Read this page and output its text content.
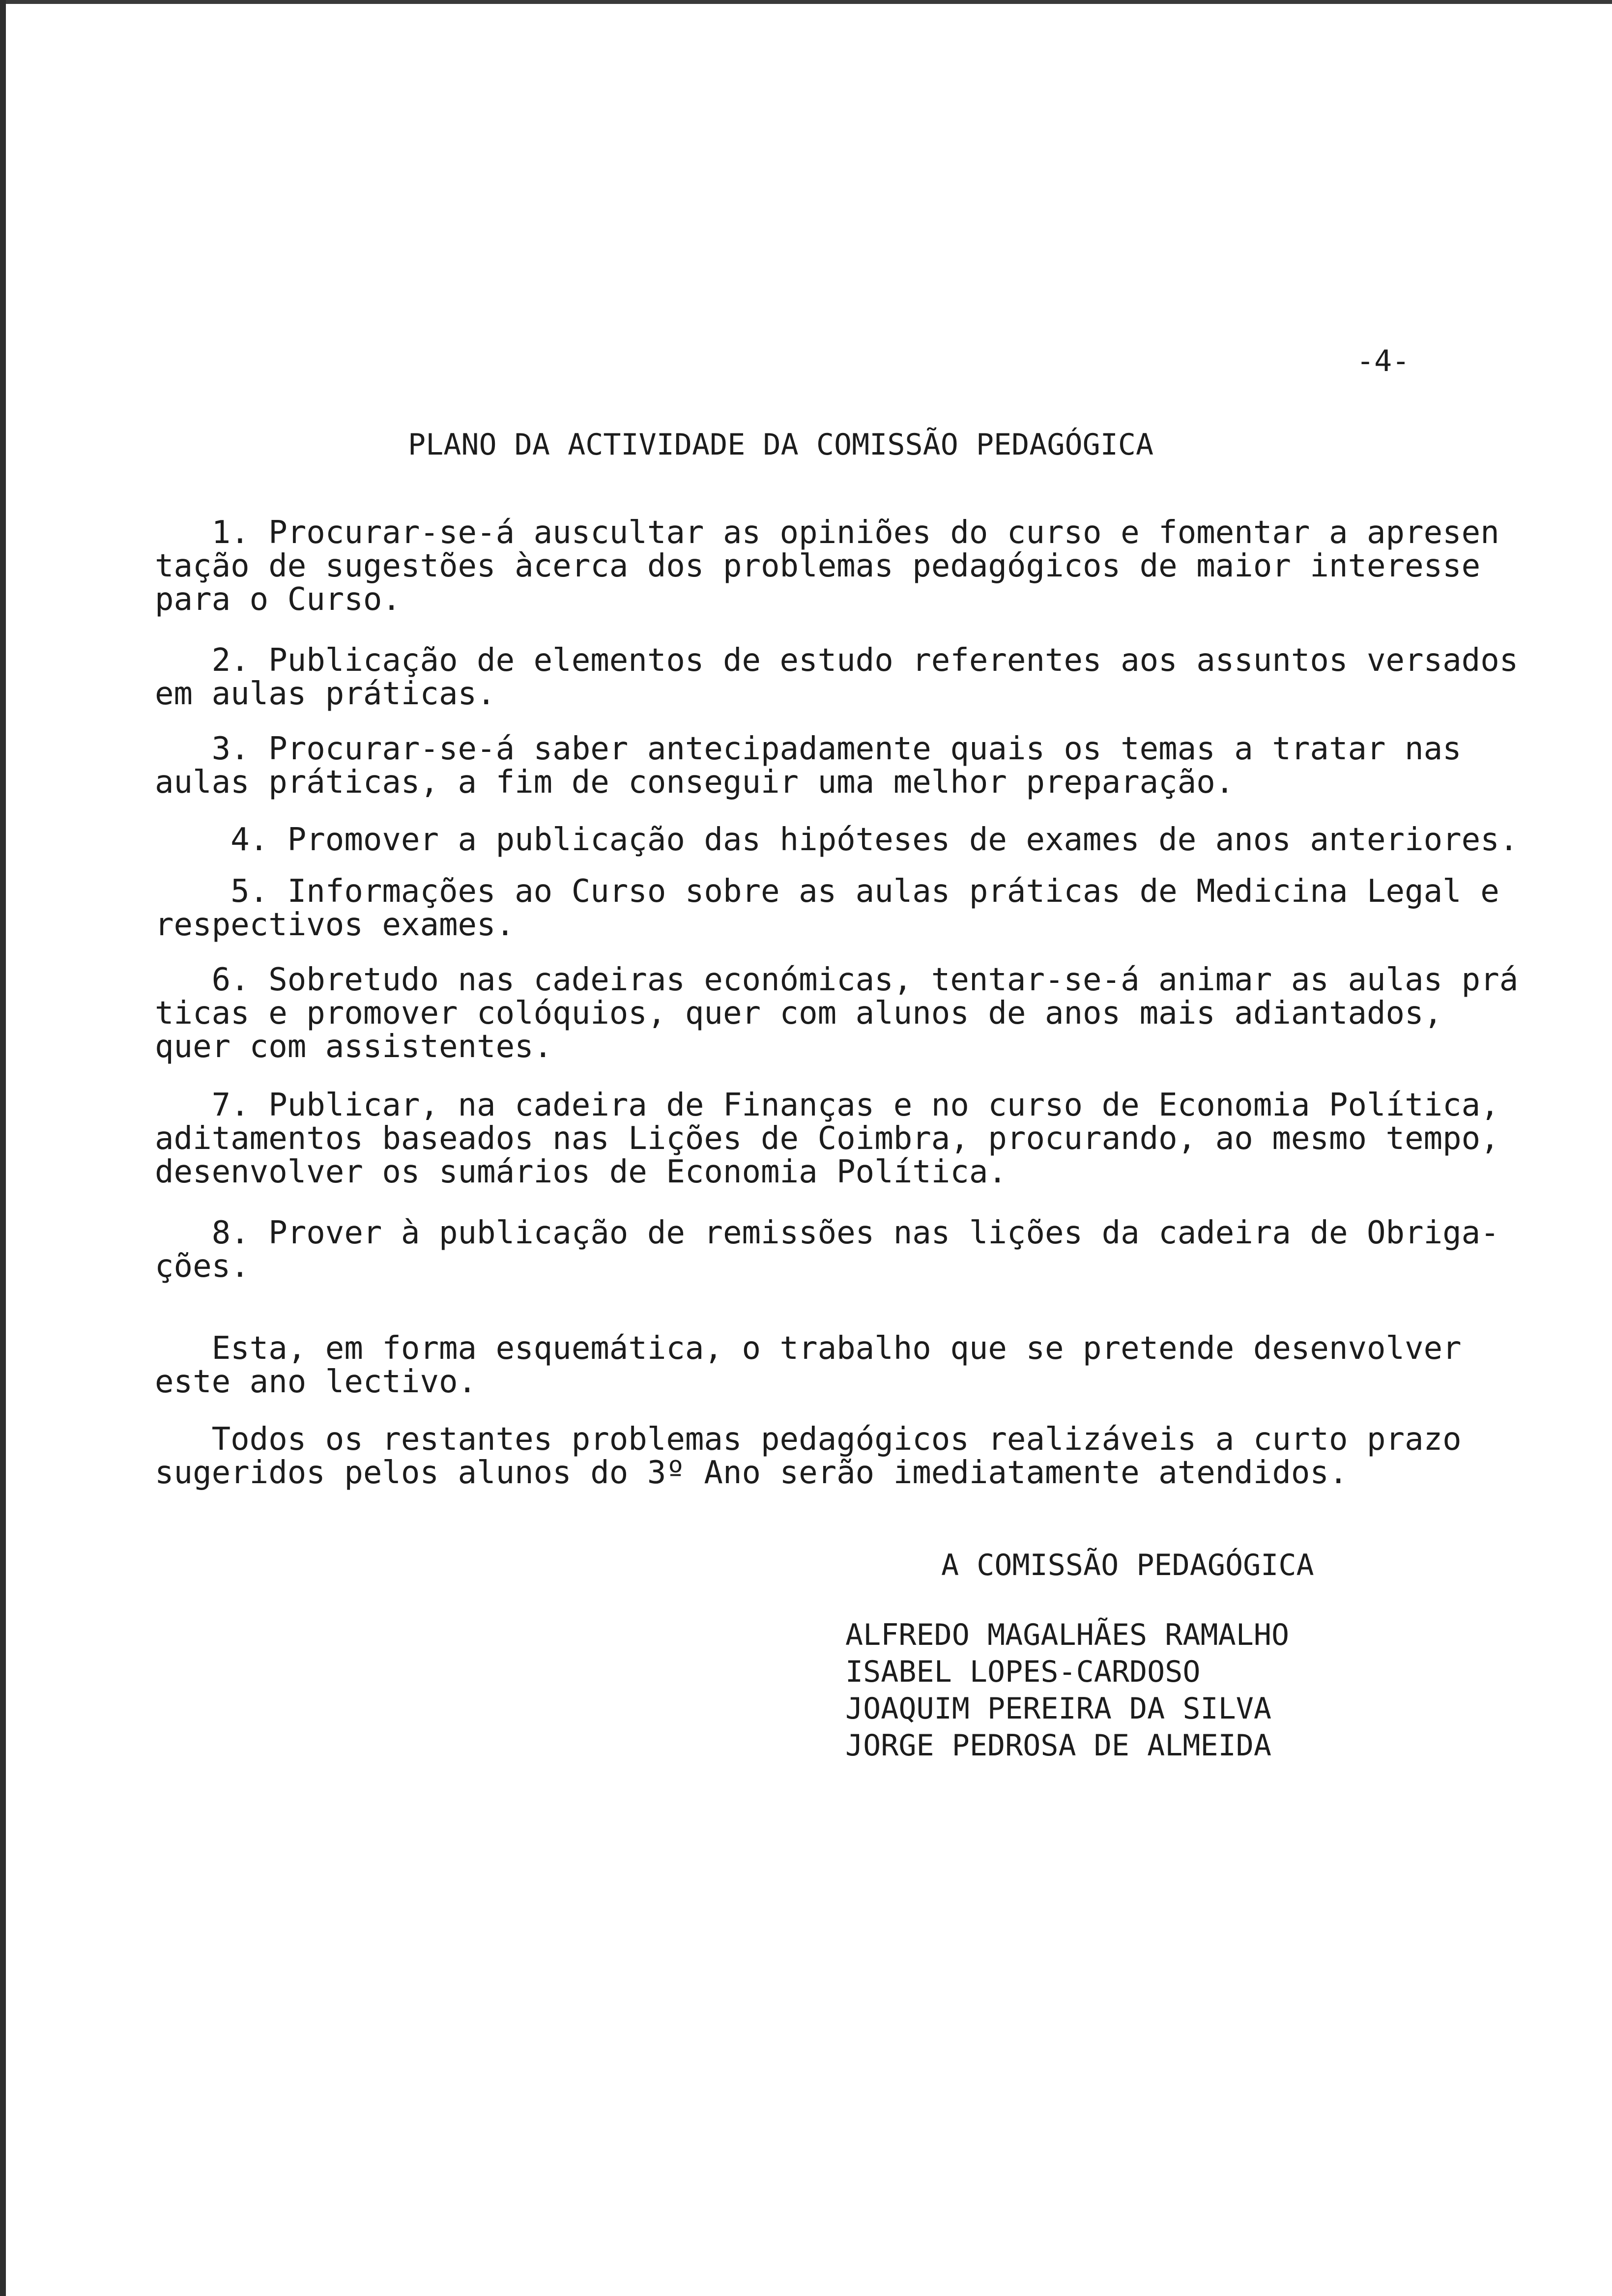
-4-
PLANO DA ACTIVIDADE DA COMISSÃO PEDAGÓGICA
1. Procurar-se-á auscultar as opiniões do curso e fomentar a apresen
tação de sugestões àcerca dos problemas pedagógicos de maior interesse
para o Curso.
2. Publicação de elementos de estudo referentes aos assuntos versados
em aulas práticas.
3. Procurar-se-á saber antecipadamente quais os temas a tratar nas
aulas práticas, a fim de conseguir uma melhor preparação.
4. Promover a publicação das hipóteses de exames de anos anteriores.
5. Informações ao Curso sobre as aulas práticas de Medicina Legal e
respectivos exames.
6. Sobretudo nas cadeiras económicas, tentar-se-á animar as aulas prá
ticas e promover colóquios, quer com alunos de anos mais adiantados,
quer com assistentes.
7. Publicar, na cadeira de Finanças e no curso de Economia Política,
aditamentos baseados nas Lições de Coimbra, procurando, ao mesmo tempo,
desenvolver os sumários de Economia Política.
8. Prover à publicação de remissões nas lições da cadeira de Obriga-
ções.
Esta, em forma esquemática, o trabalho que se pretende desenvolver
este ano lectivo.
Todos os restantes problemas pedagógicos realizáveis a curto prazo
sugeridos pelos alunos do 3º Ano serão imediatamente atendidos.
A COMISSÃO PEDAGÓGICA
ALFREDO MAGALHÃES RAMALHO
ISABEL LOPES-CARDOSO
JOAQUIM PEREIRA DA SILVA
JORGE PEDROSA DE ALMEIDA
